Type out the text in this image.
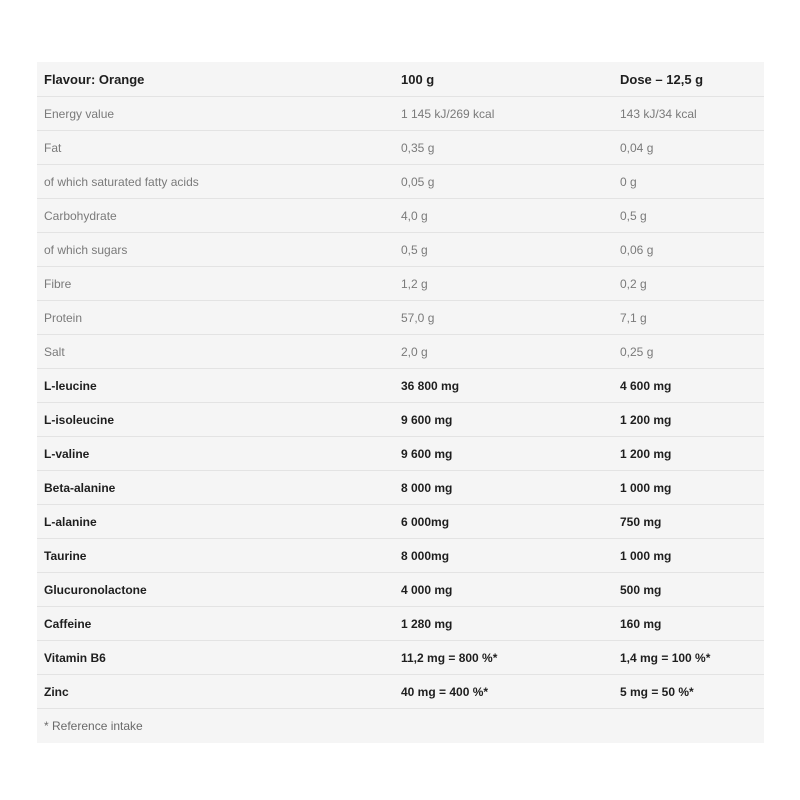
Flavour: Orange	100 g	Dose – 12,5 g
Energy value	1 145 kJ/269 kcal	143 kJ/34 kcal
Fat	0,35 g	0,04 g
of which saturated fatty acids	0,05 g	0 g
Carbohydrate	4,0 g	0,5 g
of which sugars	0,5 g	0,06 g
Fibre	1,2 g	0,2 g
Protein	57,0 g	7,1 g
Salt	2,0 g	0,25 g
L-leucine	36 800 mg	4 600 mg
L-isoleucine	9 600 mg	1 200 mg
L-valine	9 600 mg	1 200 mg
Beta-alanine	8 000 mg	1 000 mg
L-alanine	6 000mg	750 mg
Taurine	8 000mg	1 000 mg
Glucuronolactone	4 000 mg	500 mg
Caffeine	1 280 mg	160 mg
Vitamin B6	11,2 mg = 800 %*	1,4 mg = 100 %*
Zinc	40 mg = 400 %*	5 mg = 50 %*
* Reference intake		
